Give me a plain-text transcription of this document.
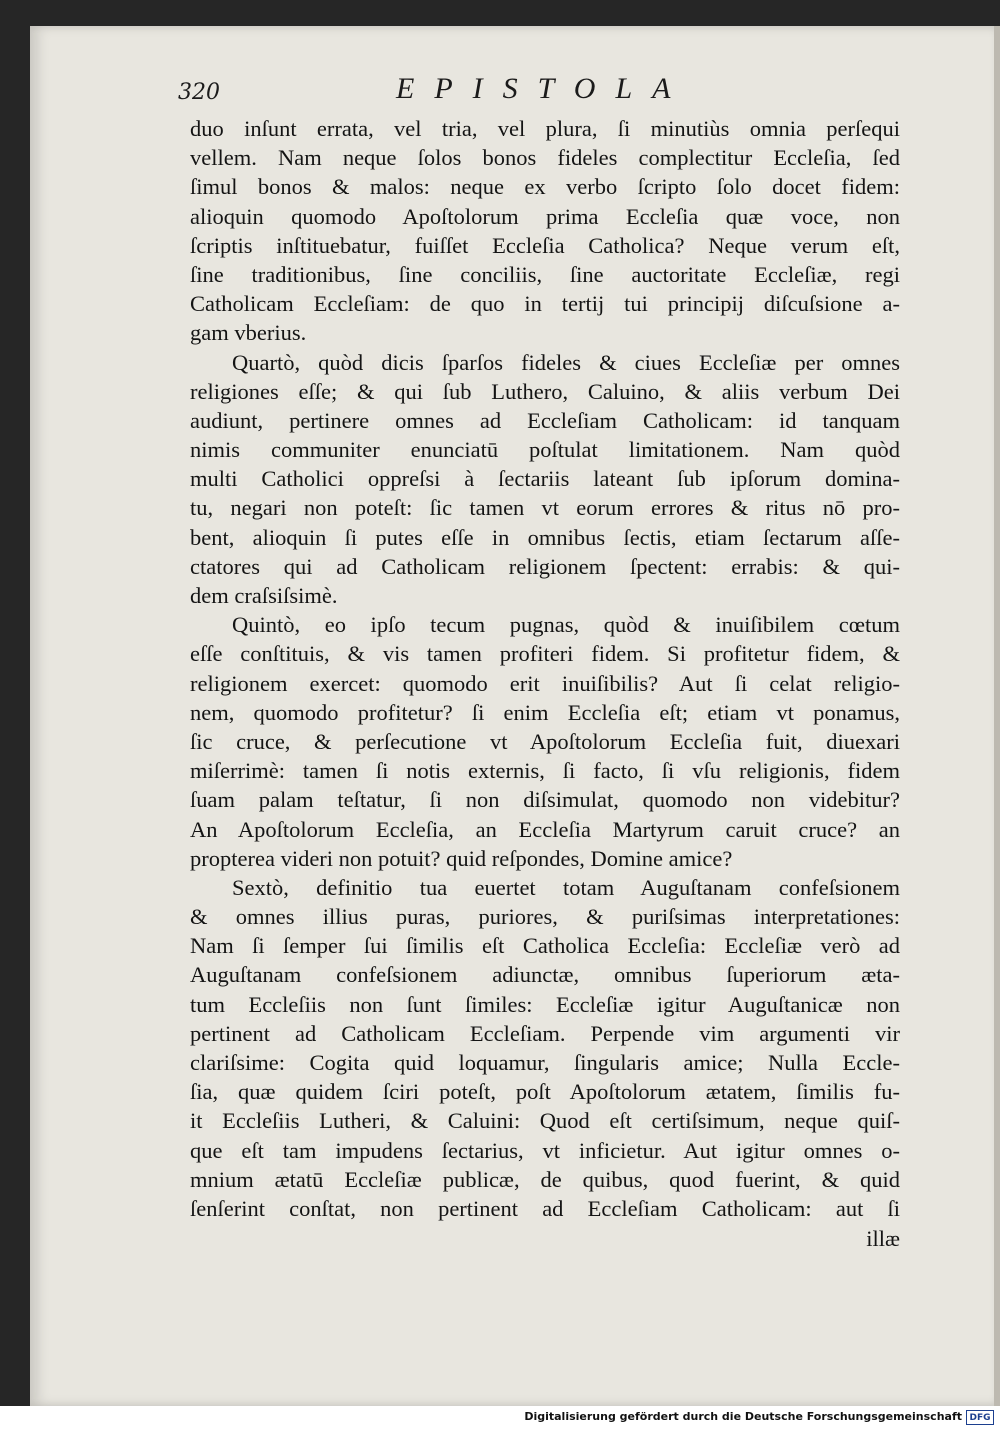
320	EPISTOLA
duo inſunt errata, vel tria, vel plura, ſi minutiùs omnia perſequi
vellem. Nam neque ſolos bonos fideles complectitur Eccleſia, ſed
ſimul bonos & malos: neque ex verbo ſcripto ſolo docet fidem:
alioquin quomodo Apoſtolorum prima Eccleſia quæ voce, non
ſcriptis inſtituebatur, fuiſſet Eccleſia Catholica? Neque verum eſt,
ſine traditionibus, ſine conciliis, ſine auctoritate Eccleſiæ, regi
Catholicam Eccleſiam: de quo in tertij tui principij diſcuſsione a-
gam vberius.
Quartò, quòd dicis ſparſos fideles & ciues Eccleſiæ per omnes
religiones eſſe; & qui ſub Luthero, Caluino, & aliis verbum Dei
audiunt, pertinere omnes ad Eccleſiam Catholicam: id tanquam
nimis communiter enunciatū poſtulat limitationem. Nam quòd
multi Catholici oppreſsi à ſectariis lateant ſub ipſorum domina-
tu, negari non poteſt: ſic tamen vt eorum errores & ritus nō pro-
bent, alioquin ſi putes eſſe in omnibus ſectis, etiam ſectarum aſſe-
ctatores qui ad Catholicam religionem ſpectent: errabis: & qui-
dem craſsiſsimè.
Quintò, eo ipſo tecum pugnas, quòd & inuiſibilem cœtum
eſſe conſtituis, & vis tamen profiteri fidem. Si profitetur fidem, &
religionem exercet: quomodo erit inuiſibilis? Aut ſi celat religio-
nem, quomodo profitetur? ſi enim Eccleſia eſt; etiam vt ponamus,
ſic cruce, & perſecutione vt Apoſtolorum Eccleſia fuit, diuexari
miſerrimè: tamen ſi notis externis, ſi facto, ſi vſu religionis, fidem
ſuam palam teſtatur, ſi non diſsimulat, quomodo non videbitur?
An Apoſtolorum Eccleſia, an Eccleſia Martyrum caruit cruce? an
propterea videri non potuit? quid reſpondes, Domine amice?
Sextò, definitio tua euertet totam Auguſtanam confeſsionem
& omnes illius puras, puriores, & puriſsimas interpretationes:
Nam ſi ſemper ſui ſimilis eſt Catholica Eccleſia: Eccleſiæ verò ad
Auguſtanam confeſsionem adiunctæ, omnibus ſuperiorum æta-
tum Eccleſiis non ſunt ſimiles: Eccleſiæ igitur Auguſtanicæ non
pertinent ad Catholicam Eccleſiam. Perpende vim argumenti vir
clariſsime: Cogita quid loquamur, ſingularis amice; Nulla Eccle-
ſia, quæ quidem ſciri poteſt, poſt Apoſtolorum ætatem, ſimilis fu-
it Eccleſiis Lutheri, & Caluini: Quod eſt certiſsimum, neque quiſ-
que eſt tam impudens ſectarius, vt inficietur. Aut igitur omnes o-
mnium ætatū Eccleſiæ publicæ, de quibus, quod fuerint, & quid
ſenſerint conſtat, non pertinent ad Eccleſiam Catholicam: aut ſi
illæ
Digitalisierung gefördert durch die Deutsche Forschungsgemeinschaft DFG
